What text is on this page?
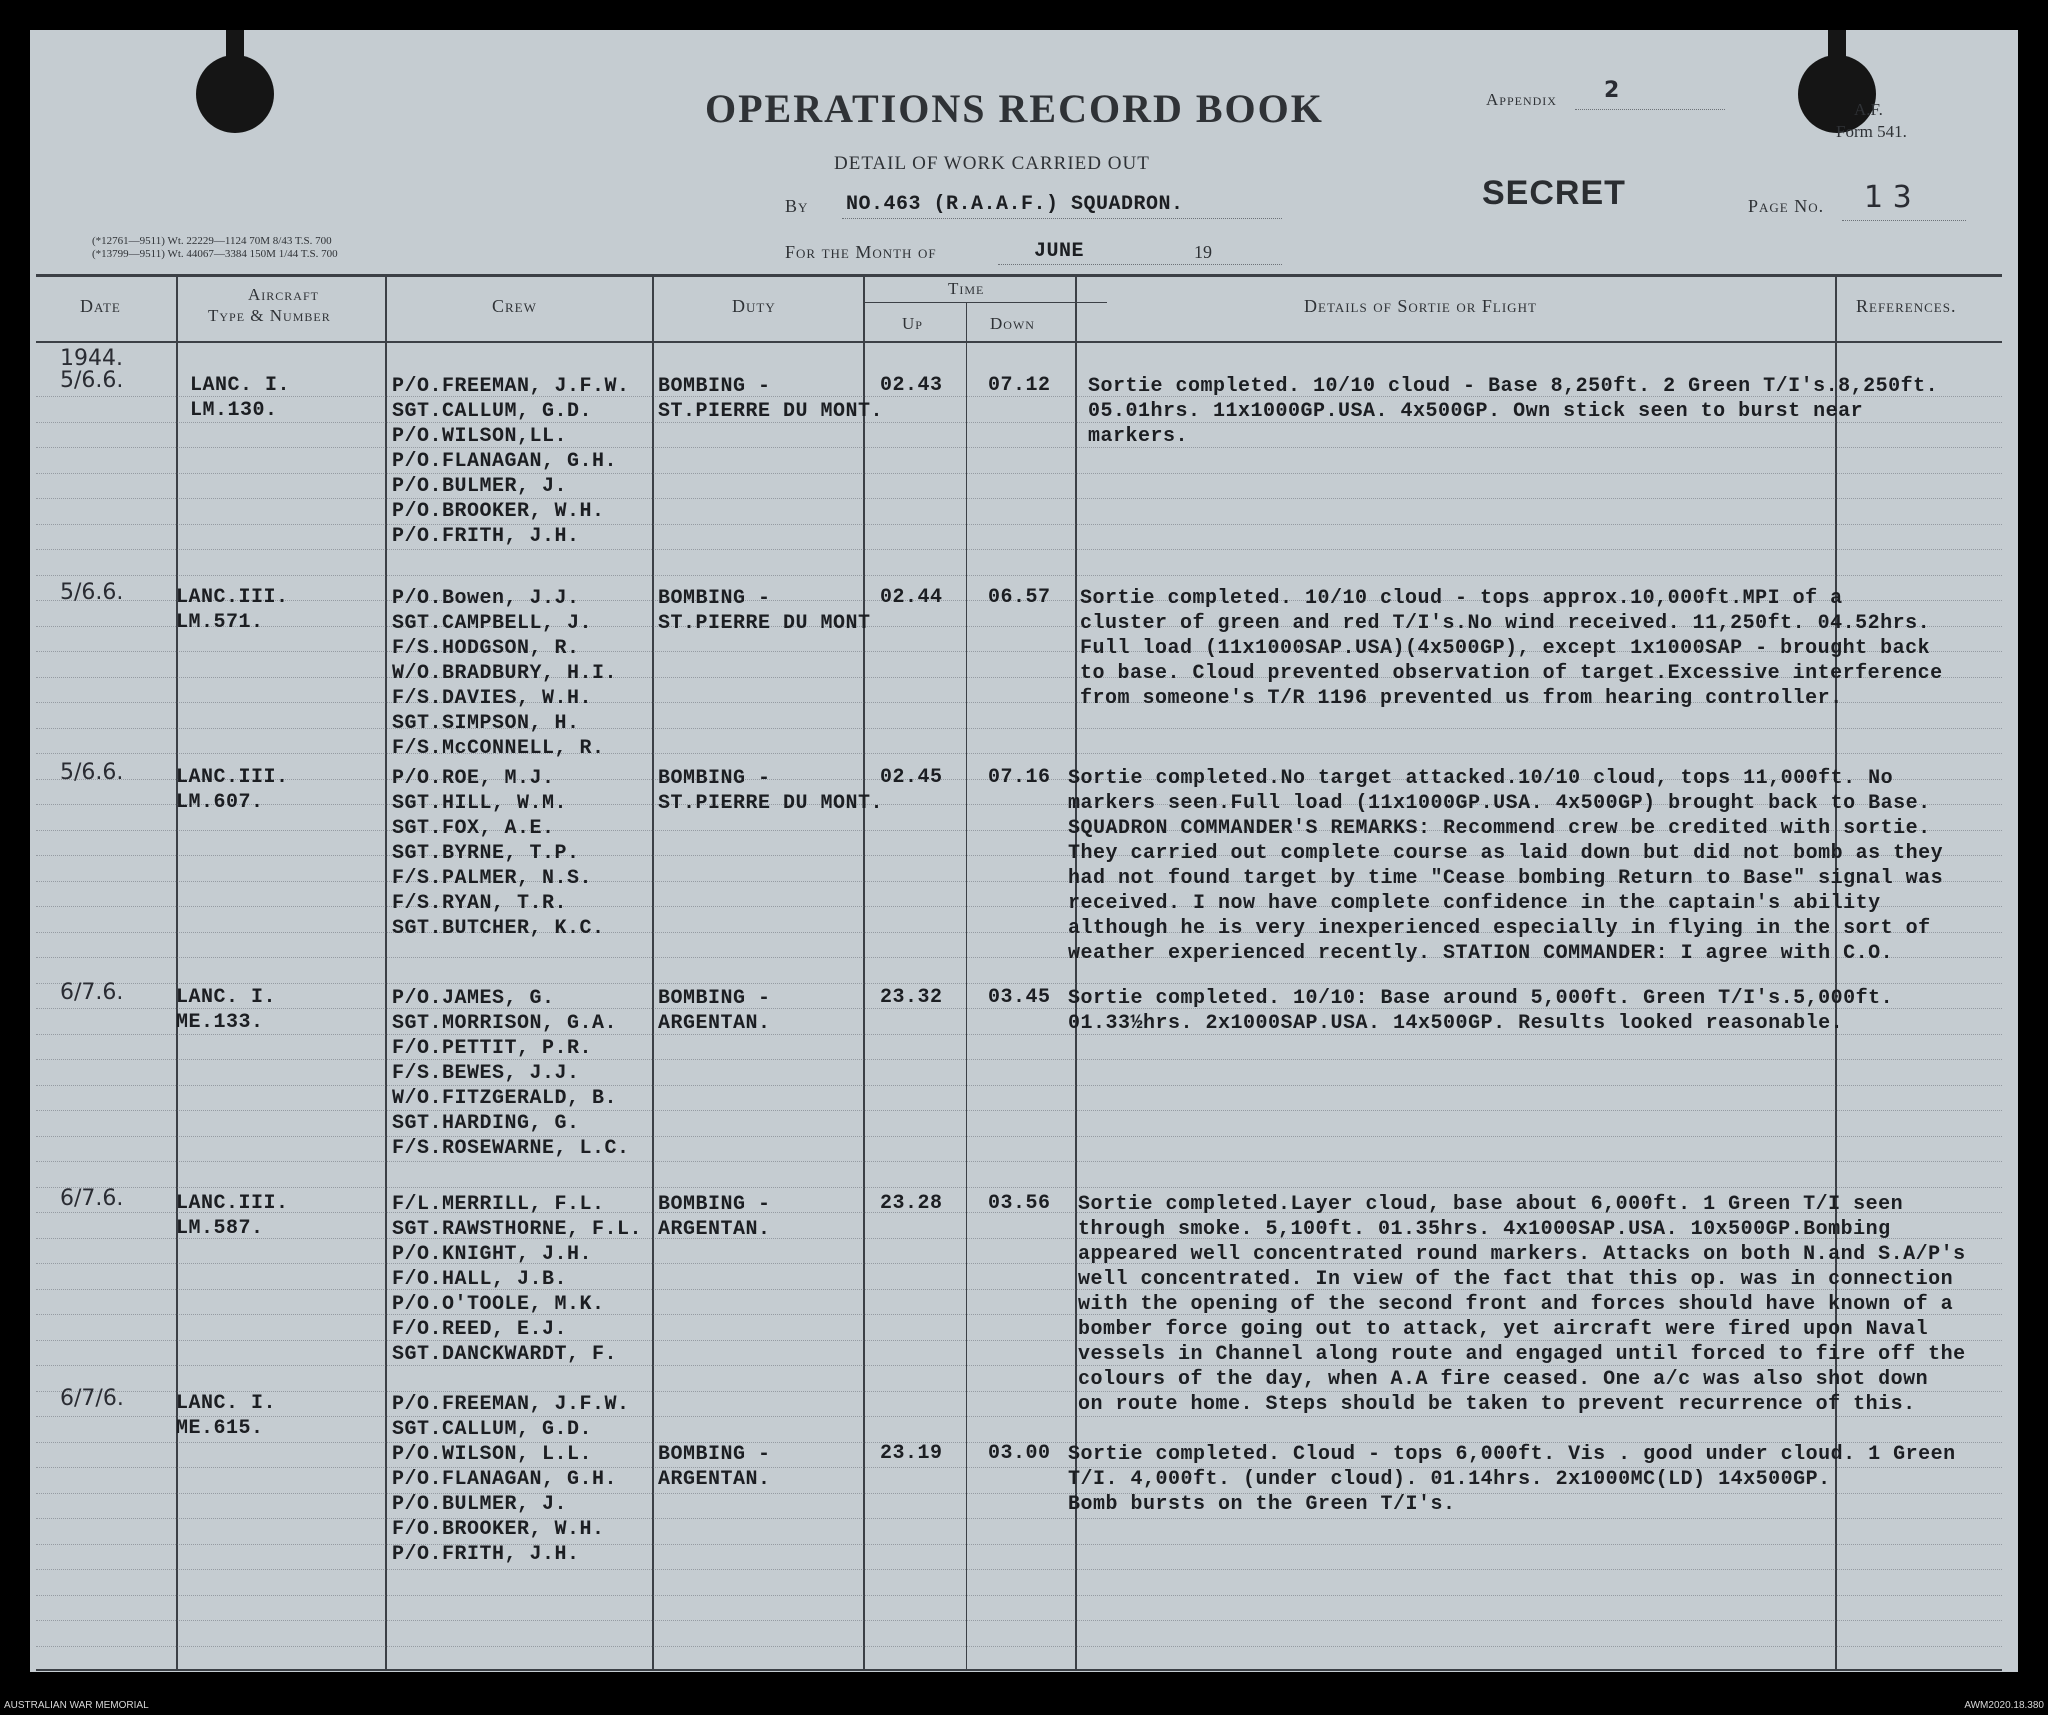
OPERATIONS RECORD BOOK
DETAIL OF WORK CARRIED OUT
By NO.463 (R.A.A.F.) SQUADRON.
For the Month of	JUNE	19
Appendix 2
A.F.
Form 541.
SECRET	Page No. 1 3
(*12761—9511) Wt. 22229—1124 70M 8/43 T.S. 700
(*13799—9511) Wt. 44067—3384 150M 1/44 T.S. 700
Date
Aircraft
Type & Number	Crew	Duty
Time
Up	Down
Details of Sortie or Flight	References.
1944.
5/6.6.	LANC. I.
LM.130.
P/O.FREEMAN, J.F.W.
SGT.CALLUM, G.D.
P/O.WILSON,LL.
P/O.FLANAGAN, G.H.
P/O.BULMER, J.
P/O.BROOKER, W.H.
P/O.FRITH, J.H.
BOMBING -
ST.PIERRE DU MONT.
02.43 07.12 Sortie completed. 10/10 cloud - Base 8,250ft. 2 Green T/I's.8,250ft.
05.01hrs. 11x1000GP.USA. 4x500GP. Own stick seen to burst near
markers.
5/6.6.	LANC.III.
LM.571.
P/O.Bowen, J.J.
SGT.CAMPBELL, J.
F/S.HODGSON, R.
W/O.BRADBURY, H.I.
F/S.DAVIES, W.H.
SGT.SIMPSON, H.
F/S.McCONNELL, R.
BOMBING -
ST.PIERRE DU MONT
02.44 06.57 Sortie completed. 10/10 cloud - tops approx.10,000ft.MPI of a
cluster of green and red T/I's.No wind received. 11,250ft. 04.52hrs.
Full load (11x1000SAP.USA)(4x500GP), except 1x1000SAP - brought back
to base. Cloud prevented observation of target.Excessive interference
from someone's T/R 1196 prevented us from hearing controller.
5/6.6.	LANC.III.
LM.607.
P/O.ROE, M.J.
SGT.HILL, W.M.
SGT.FOX, A.E.
SGT.BYRNE, T.P.
F/S.PALMER, N.S.
F/S.RYAN, T.R.
SGT.BUTCHER, K.C.
BOMBING -
ST.PIERRE DU MONT.
02.45 07.16 Sortie completed.No target attacked.10/10 cloud, tops 11,000ft. No
markers seen.Full load (11x1000GP.USA. 4x500GP) brought back to Base.
SQUADRON COMMANDER'S REMARKS: Recommend crew be credited with sortie.
They carried out complete course as laid down but did not bomb as they
had not found target by time "Cease bombing Return to Base" signal was
received. I now have complete confidence in the captain's ability
although he is very inexperienced especially in flying in the sort of
weather experienced recently. STATION COMMANDER: I agree with C.O.
6/7.6.	LANC. I.
ME.133.
P/O.JAMES, G.
SGT.MORRISON, G.A.
F/O.PETTIT, P.R.
F/S.BEWES, J.J.
W/O.FITZGERALD, B.
SGT.HARDING, G.
F/S.ROSEWARNE, L.C.
BOMBING -
ARGENTAN.
23.32 03.45 Sortie completed. 10/10: Base around 5,000ft. Green T/I's.5,000ft.
01.33½hrs. 2x1000SAP.USA. 14x500GP. Results looked reasonable.
6/7.6.	LANC.III.
LM.587.
F/L.MERRILL, F.L.
SGT.RAWSTHORNE, F.L.
P/O.KNIGHT, J.H.
F/O.HALL, J.B.
P/O.O'TOOLE, M.K.
F/O.REED, E.J.
SGT.DANCKWARDT, F.
BOMBING -
ARGENTAN.
23.28 03.56 Sortie completed.Layer cloud, base about 6,000ft. 1 Green T/I seen
through smoke. 5,100ft. 01.35hrs. 4x1000SAP.USA. 10x500GP.Bombing
appeared well concentrated round markers. Attacks on both N.and S.A/P's
well concentrated. In view of the fact that this op. was in connection
with the opening of the second front and forces should have known of a
bomber force going out to attack, yet aircraft were fired upon Naval
vessels in Channel along route and engaged until forced to fire off the
colours of the day, when A.A fire ceased. One a/c was also shot down
on route home. Steps should be taken to prevent recurrence of this.
6/7/6.	LANC. I.
ME.615.
P/O.FREEMAN, J.F.W.
SGT.CALLUM, G.D.
P/O.WILSON, L.L.
P/O.FLANAGAN, G.H.
P/O.BULMER, J.
F/O.BROOKER, W.H.
P/O.FRITH, J.H.
BOMBING -
ARGENTAN.
23.19 03.00 Sortie completed. Cloud - tops 6,000ft. Vis . good under cloud. 1 Green
T/I. 4,000ft. (under cloud). 01.14hrs. 2x1000MC(LD) 14x500GP.
Bomb bursts on the Green T/I's.
AUSTRALIAN WAR MEMORIAL	AWM2020.18.380
